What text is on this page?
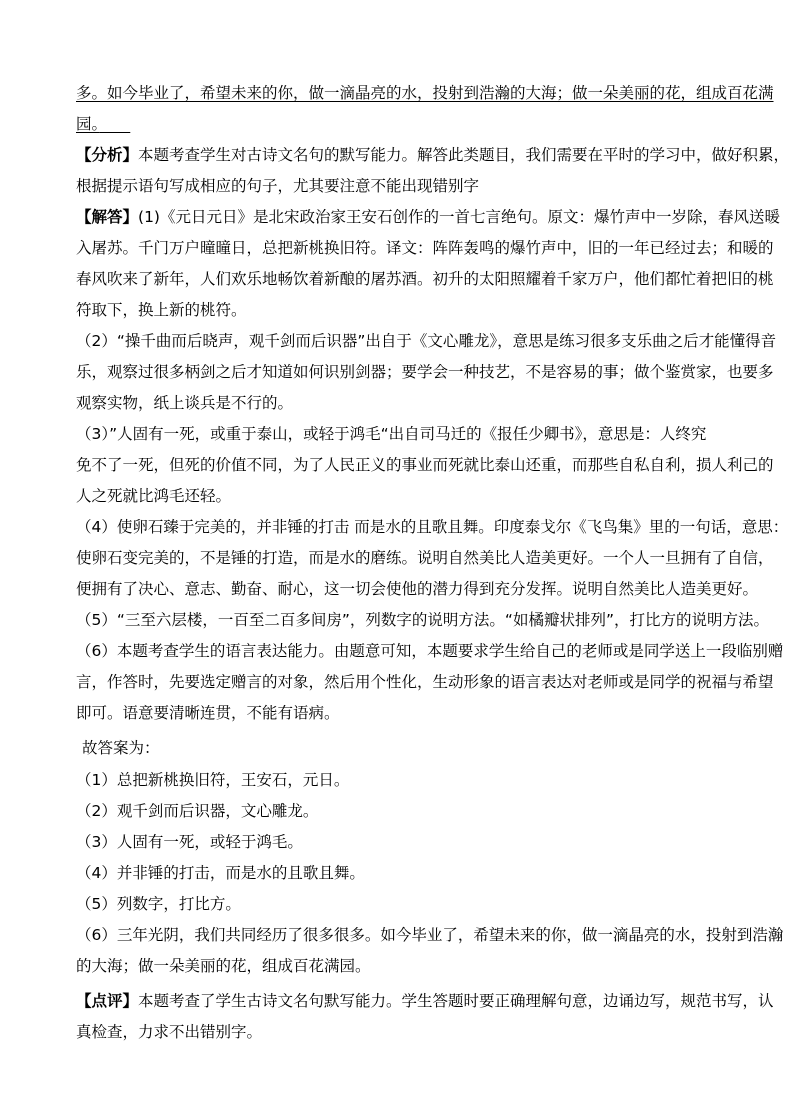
多。如今毕业了，希望未来的你，做一滴晶亮的水，投射到浩瀚的大海；做一朵美丽的花，组成百花满
园。　　
【分析】本题考查学生对古诗文名句的默写能力。解答此类题目，我们需要在平时的学习中，做好积累，
根据提示语句写成相应的句子，尤其要注意不能出现错别字
【解答】(1)《元日元日》是北宋政治家王安石创作的一首七言绝句。原文：爆竹声中一岁除，春风送暖
入屠苏。千门万户曈曈日，总把新桃换旧符。译文：阵阵轰鸣的爆竹声中，旧的一年已经过去；和暖的
春风吹来了新年，人们欢乐地畅饮着新酿的屠苏酒。初升的太阳照耀着千家万户，他们都忙着把旧的桃
符取下，换上新的桃符。
（2）“操千曲而后晓声，观千剑而后识器”出自于《文心雕龙》，意思是练习很多支乐曲之后才能懂得音
乐，观察过很多柄剑之后才知道如何识别剑器；要学会一种技艺，不是容易的事；做个鉴赏家，也要多
观察实物，纸上谈兵是不行的。
（3）”人固有一死，或重于泰山，或轻于鸿毛“出自司马迁的《报任少卿书》，意思是：人终究
免不了一死，但死的价值不同，为了人民正义的事业而死就比泰山还重，而那些自私自利，损人利己的
人之死就比鸿毛还轻。
（4）使卵石臻于完美的，并非锤的打击 而是水的且歌且舞。印度泰戈尔《飞鸟集》里的一句话，意思：
使卵石变完美的，不是锤的打造，而是水的磨练。说明自然美比人造美更好。一个人一旦拥有了自信，
便拥有了决心、意志、勤奋、耐心，这一切会使他的潜力得到充分发挥。说明自然美比人造美更好。
（5）“三至六层楼，一百至二百多间房”，列数字的说明方法。“如橘瓣状排列”，打比方的说明方法。
（6）本题考查学生的语言表达能力。由题意可知，本题要求学生给自己的老师或是同学送上一段临别赠
言，作答时，先要选定赠言的对象，然后用个性化，生动形象的语言表达对老师或是同学的祝福与希望
即可。语意要清晰连贯，不能有语病。
故答案为：
（1）总把新桃换旧符，王安石，元日。
（2）观千剑而后识器，文心雕龙。
（3）人固有一死，或轻于鸿毛。
（4）并非锤的打击，而是水的且歌且舞。
（5）列数字，打比方。
（6）三年光阴，我们共同经历了很多很多。如今毕业了，希望未来的你，做一滴晶亮的水，投射到浩瀚
的大海；做一朵美丽的花，组成百花满园。
【点评】本题考查了学生古诗文名句默写能力。学生答题时要正确理解句意，边诵边写，规范书写，认
真检查，力求不出错别字。
